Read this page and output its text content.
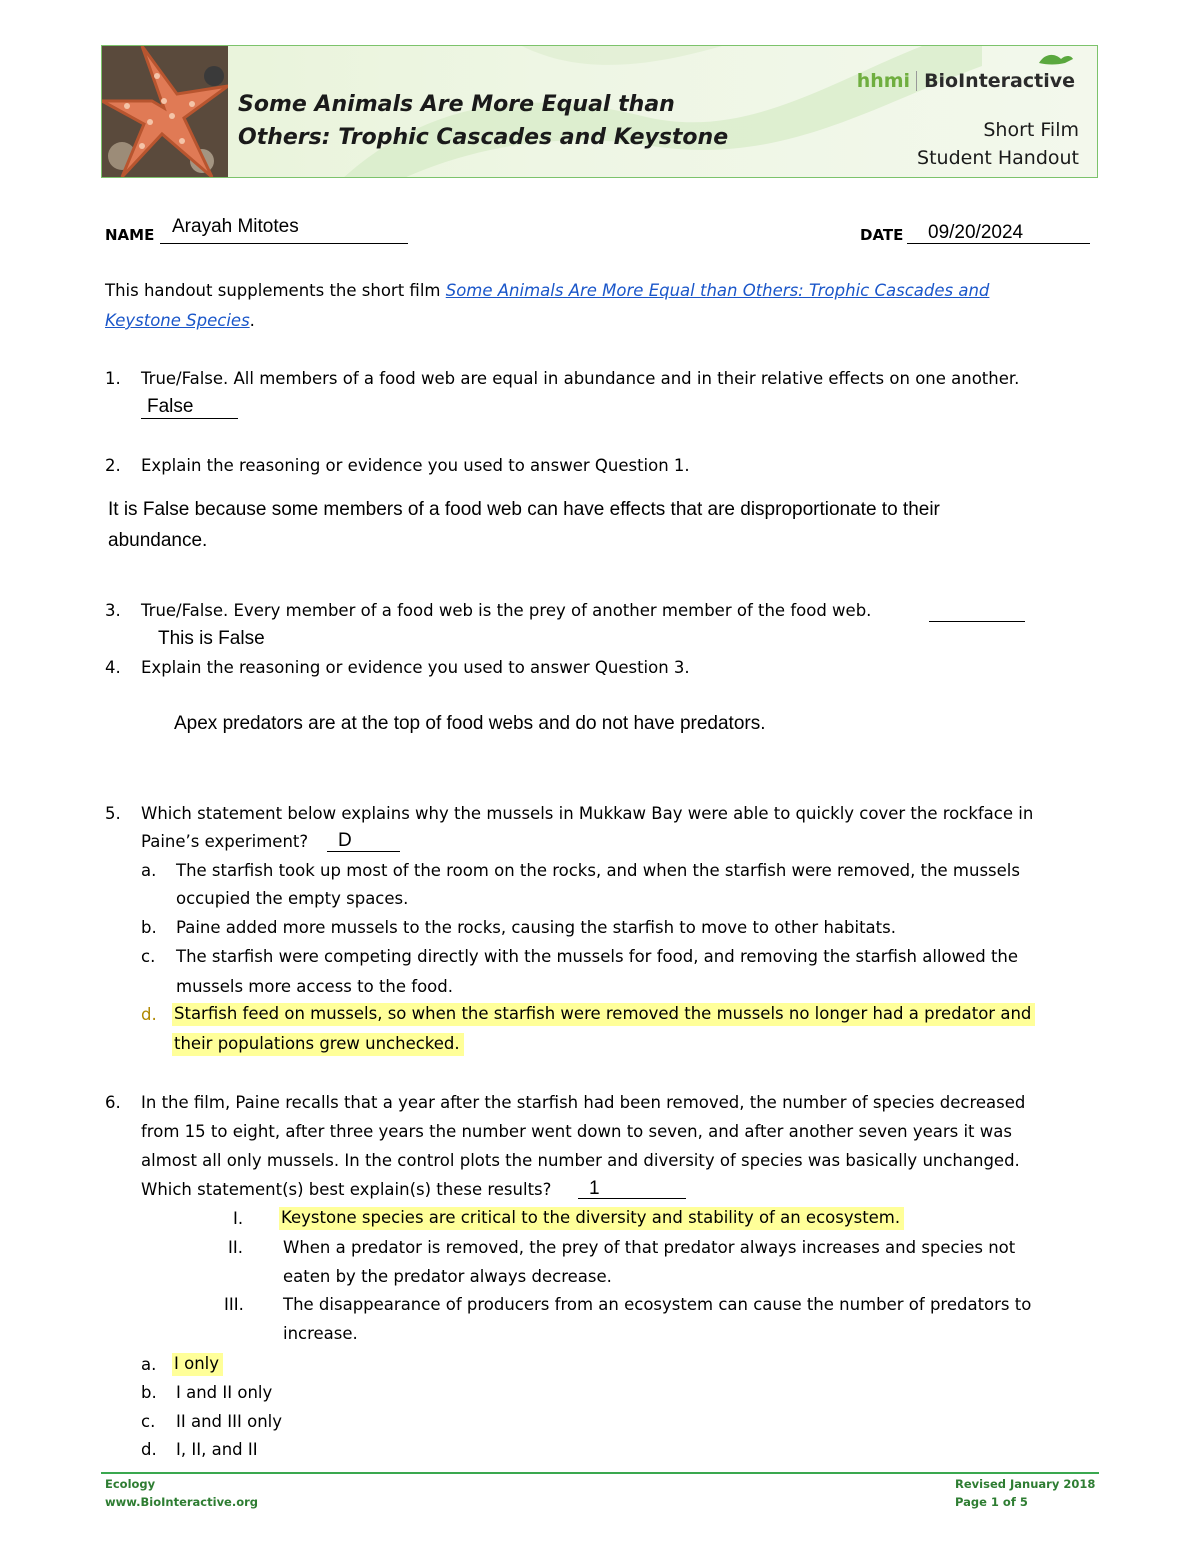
Some Animals Are More Equal than
Others: Trophic Cascades and Keystone
hhmi BioInteractive
Short Film
Student Handout
NAME Arayah Mitotes	DATE 09/20/2024
This handout supplements the short film Some Animals Are More Equal than Others: Trophic Cascades and
Keystone Species.
1. True/False. All members of a food web are equal in abundance and in their relative effects on one another.
False
2. Explain the reasoning or evidence you used to answer Question 1.
It is False because some members of a food web can have effects that are disproportionate to their
abundance.
3. True/False. Every member of a food web is the prey of another member of the food web.
This is False
4. Explain the reasoning or evidence you used to answer Question 3.
Apex predators are at the top of food webs and do not have predators.
5. Which statement below explains why the mussels in Mukkaw Bay were able to quickly cover the rockface in
Paine’s experiment? D
a. The starfish took up most of the room on the rocks, and when the starfish were removed, the mussels
occupied the empty spaces.
b. Paine added more mussels to the rocks, causing the starfish to move to other habitats.
c. The starfish were competing directly with the mussels for food, and removing the starfish allowed the
mussels more access to the food.
d. Starfish feed on mussels, so when the starfish were removed the mussels no longer had a predator and
their populations grew unchecked.
6. In the film, Paine recalls that a year after the starfish had been removed, the number of species decreased
from 15 to eight, after three years the number went down to seven, and after another seven years it was
almost all only mussels. In the control plots the number and diversity of species was basically unchanged.
Which statement(s) best explain(s) these results? 1
I. Keystone species are critical to the diversity and stability of an ecosystem.
II. When a predator is removed, the prey of that predator always increases and species not
eaten by the predator always decrease.
III. The disappearance of producers from an ecosystem can cause the number of predators to
increase.
a. I only
b. I and II only
c. II and III only
d. I, II, and II
Ecology
www.BioInteractive.org
Revised January 2018
Page 1 of 5
